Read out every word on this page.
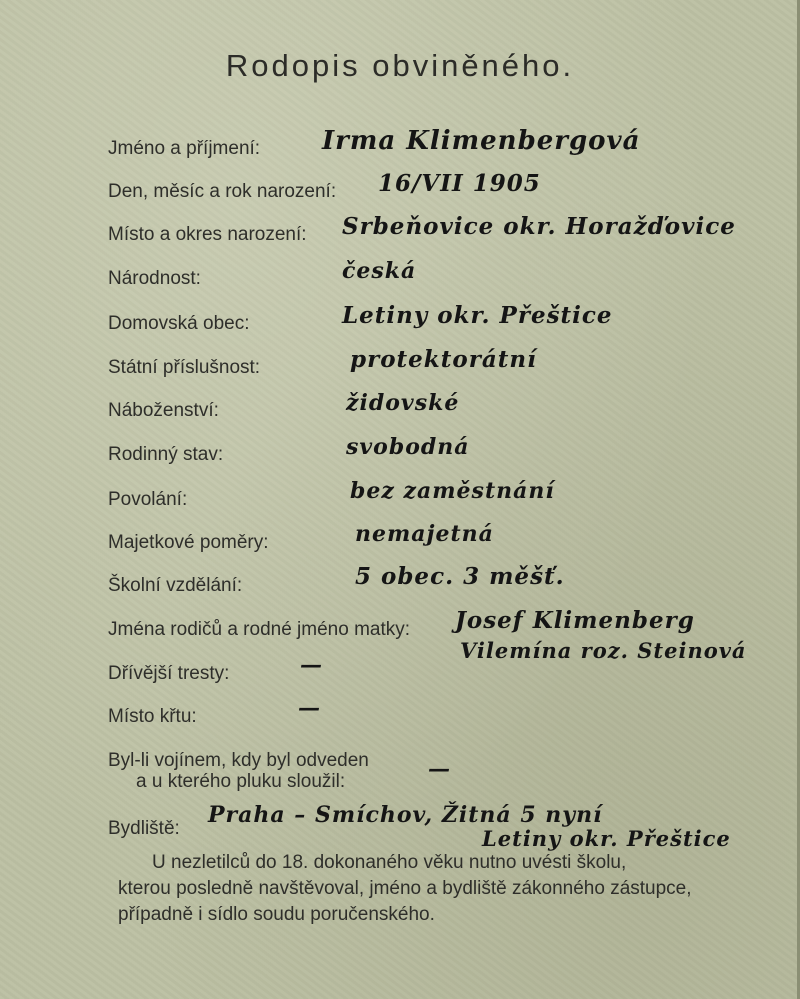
Rodopis obviněného.
Jméno a příjmení:
Den, měsíc a rok narození:
Místo a okres narození:
Národnost:
Domovská obec:
Státní příslušnost:
Náboženství:
Rodinný stav:
Povolání:
Majetkové poměry:
Školní vzdělání:
Jména rodičů a rodné jméno matky:
Dřívější tresty:
Místo křtu:
Byl-li vojínem, kdy byl odveden
a u kterého pluku sloužil:
Bydliště:
Irma Klimenbergová
16/VII 1905
Srbeňovice okr. Horažďovice
česká
Letiny okr. Přeštice
protektorátní
židovské
svobodná
bez zaměstnání
nemajetná
5 obec. 3 měšť.
Josef Klimenberg
Vilemína roz. Steinová
—
—
—
Praha – Smíchov, Žitná 5 nyní
Letiny okr. Přeštice
U nezletilců do 18. dokonaného věku nutno uvésti školu,
kterou posledně navštěvoval, jméno a bydliště zákonného zástupce,
případně i sídlo soudu poručenského.
